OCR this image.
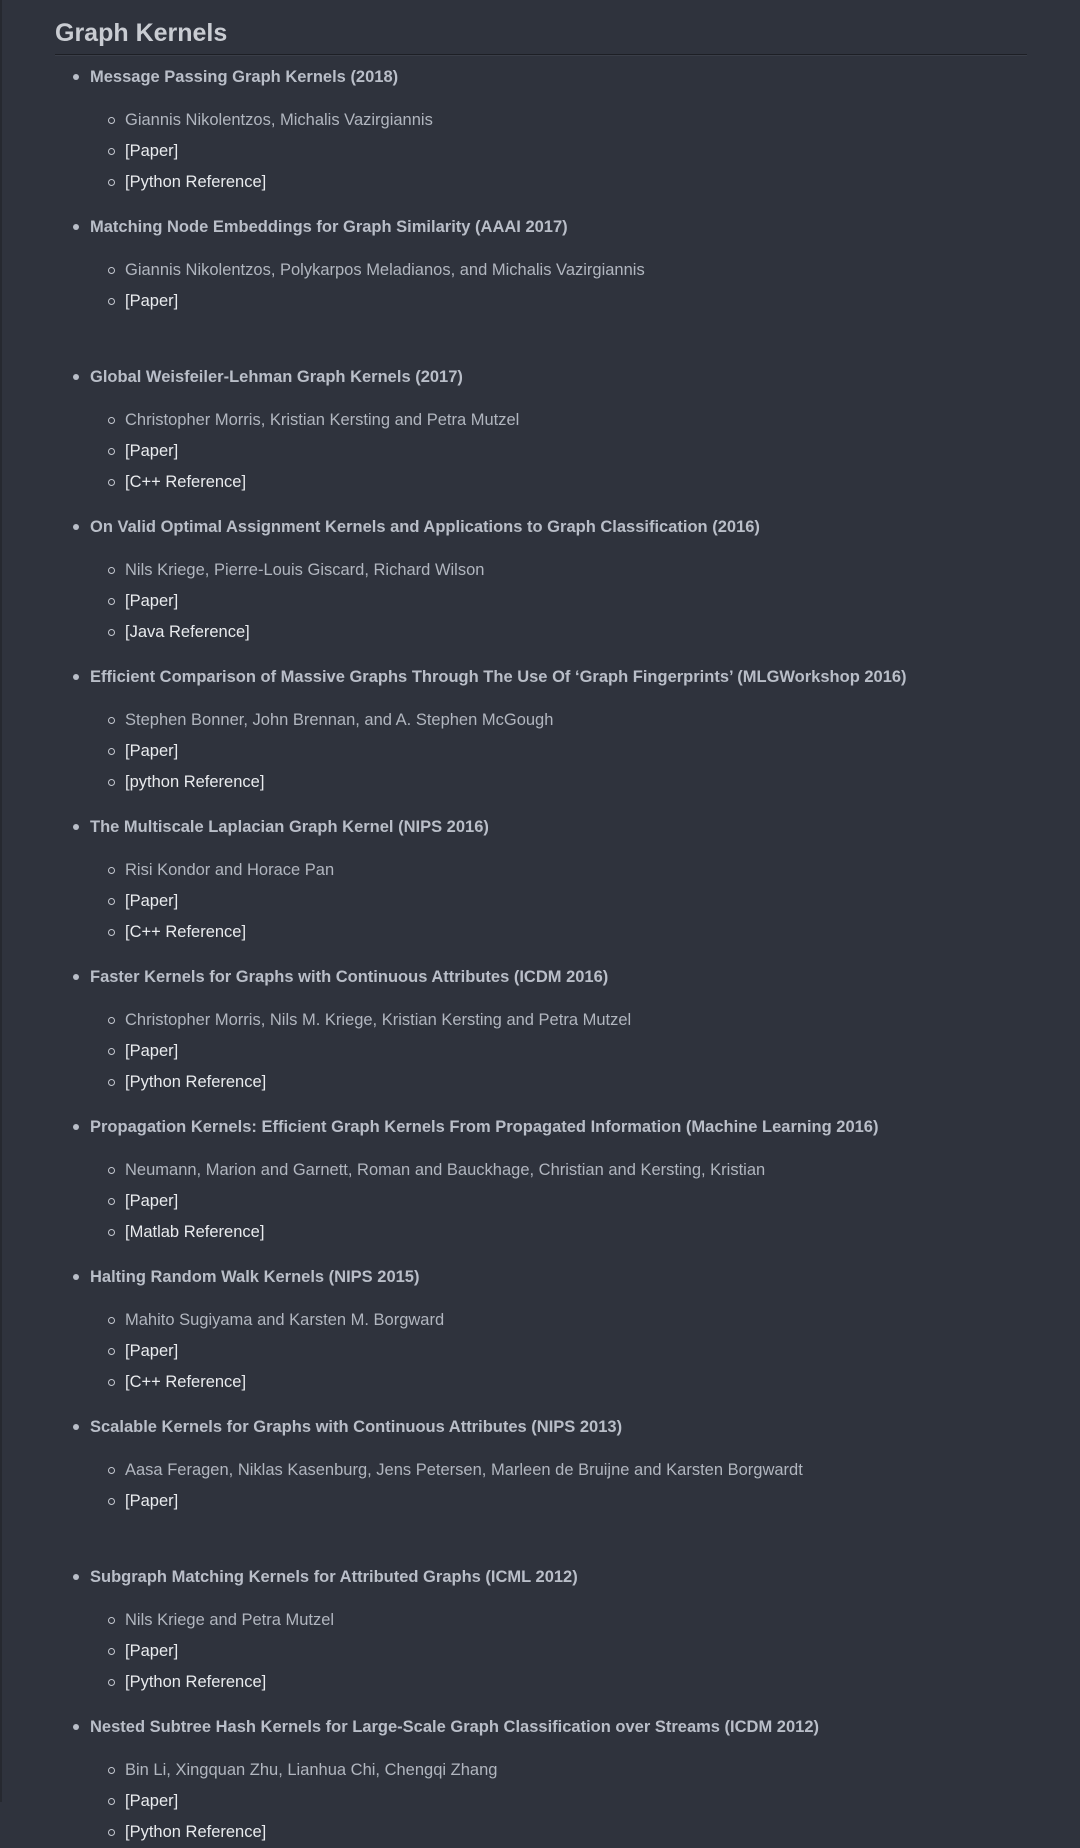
Graph Kernels
Message Passing Graph Kernels (2018)
Giannis Nikolentzos, Michalis Vazirgiannis
[Paper]
[Python Reference]
Matching Node Embeddings for Graph Similarity (AAAI 2017)
Giannis Nikolentzos, Polykarpos Meladianos, and Michalis Vazirgiannis
[Paper]
Global Weisfeiler-Lehman Graph Kernels (2017)
Christopher Morris, Kristian Kersting and Petra Mutzel
[Paper]
[C++ Reference]
On Valid Optimal Assignment Kernels and Applications to Graph Classification (2016)
Nils Kriege, Pierre-Louis Giscard, Richard Wilson
[Paper]
[Java Reference]
Efficient Comparison of Massive Graphs Through The Use Of ‘Graph Fingerprints’ (MLGWorkshop 2016)
Stephen Bonner, John Brennan, and A. Stephen McGough
[Paper]
[python Reference]
The Multiscale Laplacian Graph Kernel (NIPS 2016)
Risi Kondor and Horace Pan
[Paper]
[C++ Reference]
Faster Kernels for Graphs with Continuous Attributes (ICDM 2016)
Christopher Morris, Nils M. Kriege, Kristian Kersting and Petra Mutzel
[Paper]
[Python Reference]
Propagation Kernels: Efficient Graph Kernels From Propagated Information (Machine Learning 2016)
Neumann, Marion and Garnett, Roman and Bauckhage, Christian and Kersting, Kristian
[Paper]
[Matlab Reference]
Halting Random Walk Kernels (NIPS 2015)
Mahito Sugiyama and Karsten M. Borgward
[Paper]
[C++ Reference]
Scalable Kernels for Graphs with Continuous Attributes (NIPS 2013)
Aasa Feragen, Niklas Kasenburg, Jens Petersen, Marleen de Bruijne and Karsten Borgwardt
[Paper]
Subgraph Matching Kernels for Attributed Graphs (ICML 2012)
Nils Kriege and Petra Mutzel
[Paper]
[Python Reference]
Nested Subtree Hash Kernels for Large-Scale Graph Classification over Streams (ICDM 2012)
Bin Li, Xingquan Zhu, Lianhua Chi, Chengqi Zhang
[Paper]
[Python Reference]
